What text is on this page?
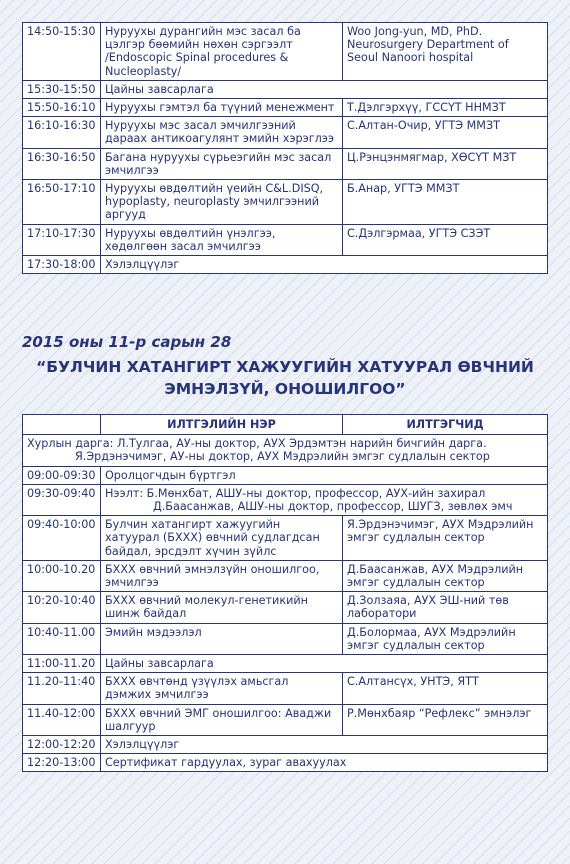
14:50-15:30	Нуруухы дурангийн мэс засал ба цэлгэр бөөмийн нөхөн сэргээлт /Endoscopic Spinal procedures & Nucleoplasty/	Woo Jong-yun, MD, PhD. Neurosurgery Department of Seoul Nanoori hospital
15:30-15:50	Цайны завсарлага	
15:50-16:10	Нуруухы гэмтэл ба түүний менежмент	Т.Дэлгэрхүү, ГССҮТ ННМЗТ
16:10-16:30	Нуруухы мэс засал эмчилгээний дараах антикоагулянт эмийн хэрэглээ	С.Алтан-Очир, УГТЭ ММЗТ
16:30-16:50	Багана нуруухы сүрьеэгийн мэс засал эмчилгээ	Ц.Рэнцэнмягмар, ХӨСҮТ МЗТ
16:50-17:10	Нуруухы өвдөлтийн үеийн C&L.DISQ, hypoplasty, neuroplasty эмчилгээний аргууд	Б.Анар, УГТЭ ММЗТ
17:10-17:30	Нуруухы өвдөлтийн үнэлгээ, хөдөлгөөн засал эмчилгээ	С.Дэлгэрмаа, УГТЭ СЗЭТ
17:30-18:00	Хэлэлцүүлэг	
2015 оны 11-р сарын 28
“БУЛЧИН ХАТАНГИРТ ХАЖУУГИЙН ХАТУУРАЛ ӨВЧНИЙ
ЭМНЭЛЗҮЙ, ОНОШИЛГОО”
	ИЛТГЭЛИЙН НЭР	ИЛТГЭГЧИД

Хурлын дарга: Л.Тулгаа, АУ-ны доктор, АУХ Эрдэмтэн нарийн бичгийн дарга.
Я.Эрдэнэчимэг, АУ-ны доктор, АУХ Мэдрэлийн эмгэг судлалын сектор		

09:00-09:30	Оролцогчдын бүртгэл	
09:30-09:40	Нээлт: Б.Мөнхбат, АШУ-ны доктор, профессор, АУХ-ийн захирал
Д.Баасанжав, АШУ-ны доктор, профессор, ШУГЗ, зөвлөх эмч	

09:40-10:00	Булчин хатангирт хажуугийн хатуурал (БХХХ) өвчний судлагдсан байдал, эрсдэлт хүчин зүйлс	Я.Эрдэнэчимэг, АУХ Мэдрэлийн эмгэг судлалын сектор
10:00-10.20	БХХХ өвчний эмнэлзүйн оношилгоо, эмчилгээ	Д.Баасанжав, АУХ Мэдрэлийн эмгэг судлалын сектор
10:20-10:40	БХХХ өвчний молекул-генетикийн шинж байдал	Д.Золзаяа, АУХ ЭШ-ний төв лаборатори
10:40-11.00	Эмийн мэдээлэл	Д.Болормаа, АУХ Мэдрэлийн эмгэг судлалын сектор
11:00-11.20	Цайны завсарлага	
11.20-11:40	БХХХ өвчтөнд үзүүлэх амьсгал дэмжих эмчилгээ	С.Алтансүх, УНТЭ, ЯТТ
11.40-12:00	БХХХ өвчний ЭМГ оношилгоо: Аваджи шалгуур	Р.Мөнхбаяр “Рефлекс” эмнэлэг
12:00-12:20	Хэлэлцүүлэг	
12:20-13:00	Сертификат гардуулах, зураг авахуулах	
